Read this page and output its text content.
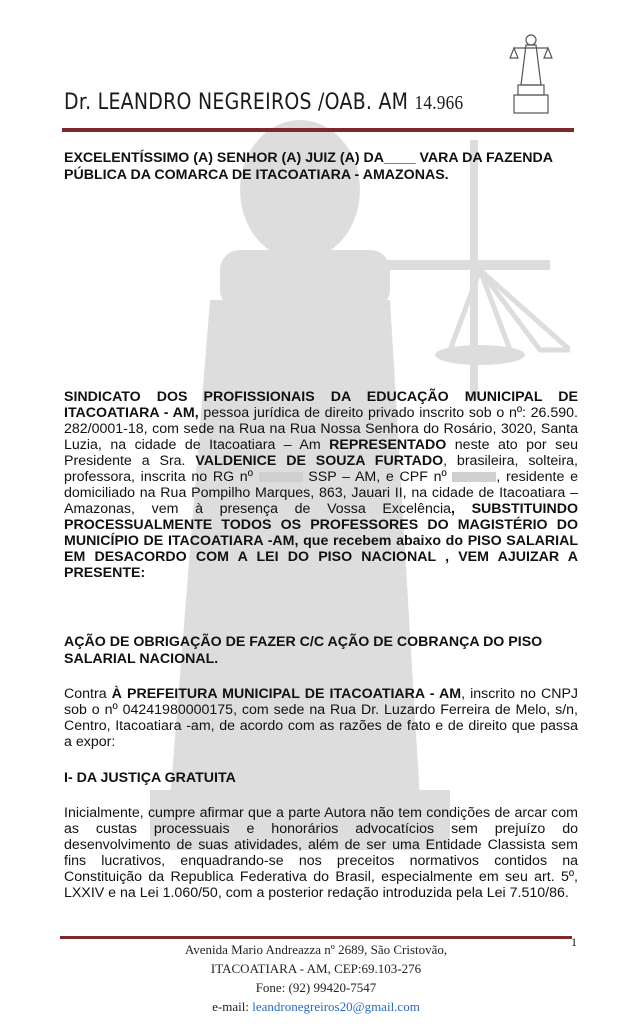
Dr. LEANDRO NEGREIROS /OAB. AM 14.966
EXCELENTÍSSIMO (A) SENHOR (A) JUIZ (A) DA____ VARA DA FAZENDA PÚBLICA DA COMARCA DE ITACOATIARA - AMAZONAS.
SINDICATO DOS PROFISSIONAIS DA EDUCAÇÃO MUNICIPAL DE ITACOATIARA - AM, pessoa jurídica de direito privado inscrito sob o nº: 26.590. 282/0001-18, com sede na Rua na Rua Nossa Senhora do Rosário, 3020, Santa Luzia, na cidade de Itacoatiara – Am REPRESENTADO neste ato por seu Presidente a Sra. VALDENICE DE SOUZA FURTADO, brasileira, solteira, professora, inscrita no RG nº	SSP – AM, e CPF nº	, residente e domiciliado na Rua Pompilho Marques, 863, Jauari II, na cidade de Itacoatiara – Amazonas, vem à presença de Vossa Excelência, SUBSTITUINDO PROCESSUALMENTE TODOS OS PROFESSORES DO MAGISTÉRIO DO MUNICÍPIO DE ITACOATIARA -AM, que recebem abaixo do PISO SALARIAL EM DESACORDO COM A LEI DO PISO NACIONAL , VEM AJUIZAR A PRESENTE:
AÇÃO DE OBRIGAÇÃO DE FAZER C/C AÇÃO DE COBRANÇA DO PISO SALARIAL NACIONAL.
Contra À PREFEITURA MUNICIPAL DE ITACOATIARA - AM, inscrito no CNPJ sob o nº 04241980000175, com sede na Rua Dr. Luzardo Ferreira de Melo, s/n, Centro, Itacoatiara -am, de acordo com as razões de fato e de direito que passa a expor:
I- DA JUSTIÇA GRATUITA
Inicialmente, cumpre afirmar que a parte Autora não tem condições de arcar com as custas processuais e honorários advocatícios sem prejuízo do desenvolvimento de suas atividades, além de ser uma Entidade Classista sem fins lucrativos, enquadrando-se nos preceitos normativos contidos na Constituição da Republica Federativa do Brasil, especialmente em seu art. 5º, LXXIV e na Lei 1.060/50, com a posterior redação introduzida pela Lei 7.510/86.
1
Avenida Mario Andreazza nº 2689, São Cristovão,
ITACOATIARA - AM, CEP:69.103-276
Fone: (92) 99420-7547
e-mail: leandronegreiros20@gmail.com
